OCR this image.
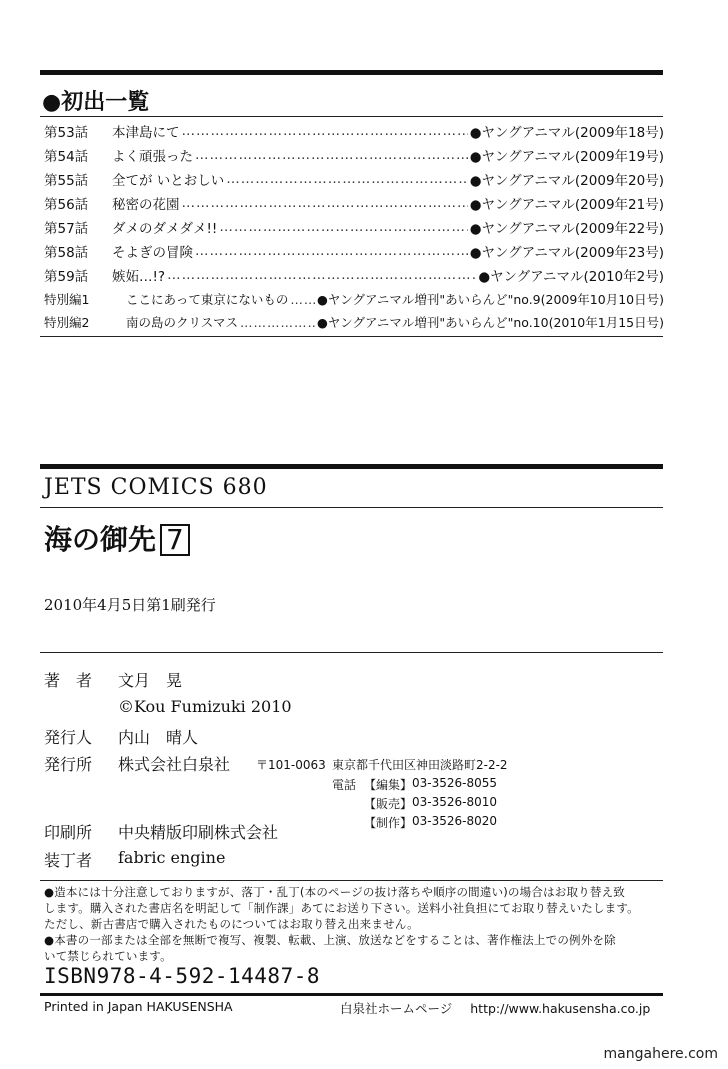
●初出一覧
第53話	本津島にて ……………………………………………………………………………………………………………………………	●ヤングアニマル(2009年18号)
第54話	よく頑張った ……………………………………………………………………………………………………………………………	●ヤングアニマル(2009年19号)
第55話	全てが いとおしい ……………………………………………………………………………………………………………………………	●ヤングアニマル(2009年20号)
第56話	秘密の花園 ……………………………………………………………………………………………………………………………	●ヤングアニマル(2009年21号)
第57話	ダメのダメダメ!! ……………………………………………………………………………………………………………………………	●ヤングアニマル(2009年22号)
第58話	そよぎの冒険 ……………………………………………………………………………………………………………………………	●ヤングアニマル(2009年23号)
第59話	嫉妬…!? ……………………………………………………………………………………………………………………………	●ヤングアニマル(2010年2号)
特別編1	ここにあって東京にないもの …………………………………………………………………………………………………………………………… ●ヤングアニマル増刊"あいらんど"no.9(2009年10月10日号)
特別編2	南の島のクリスマス ……………………………………………………………………………………………………………………………	●ヤングアニマル増刊"あいらんど"no.10(2010年1月15日号)
JETS COMICS 680
海の御先 7
2010年4月5日第1刷発行
著　者 文月　晃
©Kou Fumizuki 2010
発行人 内山　晴人
発行所 株式会社白泉社 〒101-0063 東京都千代田区神田淡路町2-2-2
電話 【編集】 03-3526-8055
【販売】 03-3526-8010
【制作】 03-3526-8020
印刷所 中央精版印刷株式会社
装丁者 fabric engine
●造本には十分注意しておりますが、落丁・乱丁(本のページの抜け落ちや順序の間違い)の場合はお取り替え致
します。購入された書店名を明記して「制作課」あてにお送り下さい。送料小社負担にてお取り替えいたします。
ただし、新古書店で購入されたものについてはお取り替え出来ません。
●本書の一部または全部を無断で複写、複製、転載、上演、放送などをすることは、著作権法上での例外を除
いて禁じられています。
ISBN978-4-592-14487-8
Printed in Japan HAKUSENSHA	白泉社ホームページ http://www.hakusensha.co.jp
mangahere.com
